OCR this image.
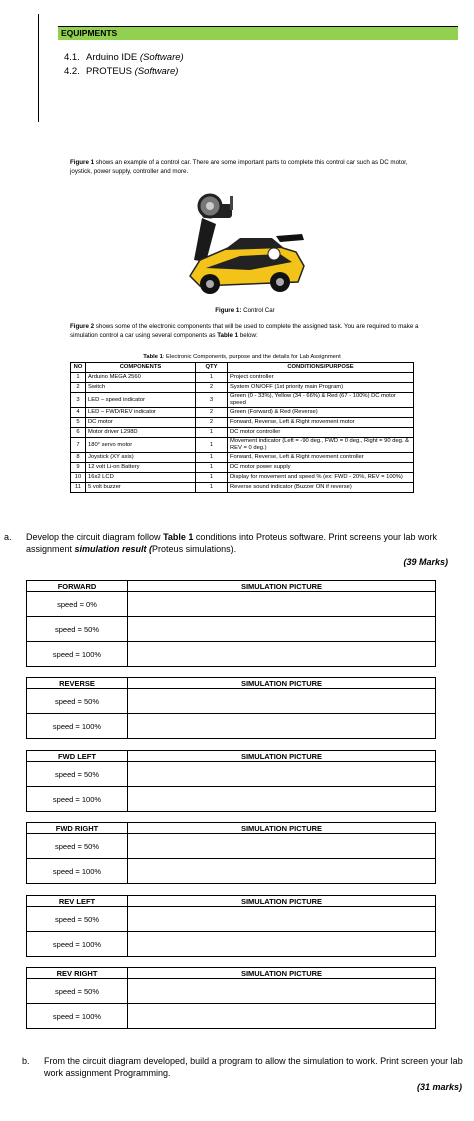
EQUIPMENTS
4.1. Arduino IDE (Software)
4.2. PROTEUS (Software)
Figure 1 shows an example of a control car. There are some important parts to complete this control car such as DC motor, joystick, power supply, controller and more.
Figure 1: Control Car
Figure 2 shows some of the electronic components that will be used to complete the assigned task. You are required to make a simulation control a car using several components as Table 1 below:
Table 1: Electronic Components, purpose and the details for Lab Assignment
NO	COMPONENTS	QTY	CONDITIONS/PURPOSE
1	Arduino MEGA 2560	1	Project controller
2	Switch	2	System ON/OFF (1st priority main Program)
3	LED – speed indicator	3	Green (0 - 33%), Yellow (34 - 66%) & Red (67 - 100%) DC motor speed
4	LED – FWD/REV indicator	2	Green (Forward) & Red (Reverse)
5	DC motor	2	Forward, Reverse, Left & Right movement motor
6	Motor driver L298D	1	DC motor controller
7	180° servo motor	1	Movement indicator (Left = -90 deg., FWD = 0 deg., Right = 90 deg. & REV = 0 deg.)
8	Joystick (XY axis)	1	Forward, Reverse, Left & Right movement controller
9	12 volt Li-on Battery	1	DC motor power supply
10	16x2 LCD	1	Display for movement and speed % (ex: FWD - 20%, REV = 100%)
11	5 volt buzzer	1	Reverse sound indicator (Buzzer ON if reverse)
a. Develop the circuit diagram follow Table 1 conditions into Proteus software. Print screens your lab work assignment simulation result (Proteus simulations).
(39 Marks)
FORWARD	SIMULATION PICTURE
speed = 0%	
speed = 50%	
speed = 100%	
REVERSE	SIMULATION PICTURE
speed = 50%	
speed = 100%	
FWD LEFT	SIMULATION PICTURE
speed = 50%	
speed = 100%	
FWD RIGHT	SIMULATION PICTURE
speed = 50%	
speed = 100%	
REV LEFT	SIMULATION PICTURE
speed = 50%	
speed = 100%	
REV RIGHT	SIMULATION PICTURE
speed = 50%	
speed = 100%	
b. From the circuit diagram developed, build a program to allow the simulation to work. Print screen your lab work assignment Programming.
(31 marks)
